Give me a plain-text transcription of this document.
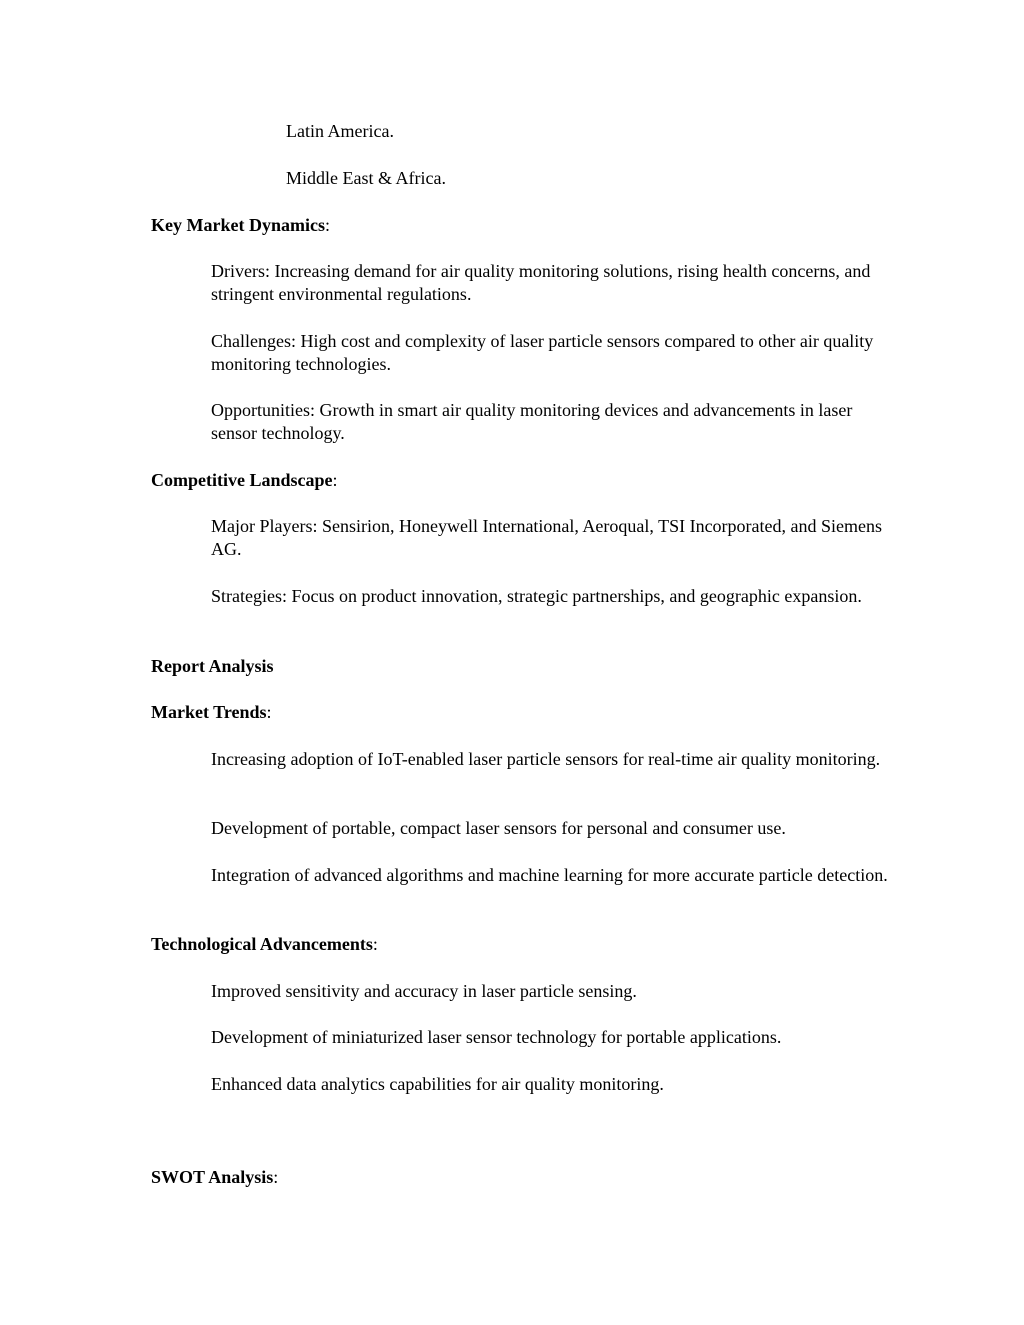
Latin America.
Middle East & Africa.
Key Market Dynamics:
Drivers: Increasing demand for air quality monitoring solutions, rising health concerns, and stringent environmental regulations.
Challenges: High cost and complexity of laser particle sensors compared to other air quality monitoring technologies.
Opportunities: Growth in smart air quality monitoring devices and advancements in laser sensor technology.
Competitive Landscape:
Major Players: Sensirion, Honeywell International, Aeroqual, TSI Incorporated, and Siemens AG.
Strategies: Focus on product innovation, strategic partnerships, and geographic expansion.
Report Analysis
Market Trends:
Increasing adoption of IoT-enabled laser particle sensors for real-time air quality monitoring.
Development of portable, compact laser sensors for personal and consumer use.
Integration of advanced algorithms and machine learning for more accurate particle detection.
Technological Advancements:
Improved sensitivity and accuracy in laser particle sensing.
Development of miniaturized laser sensor technology for portable applications.
Enhanced data analytics capabilities for air quality monitoring.
SWOT Analysis:
